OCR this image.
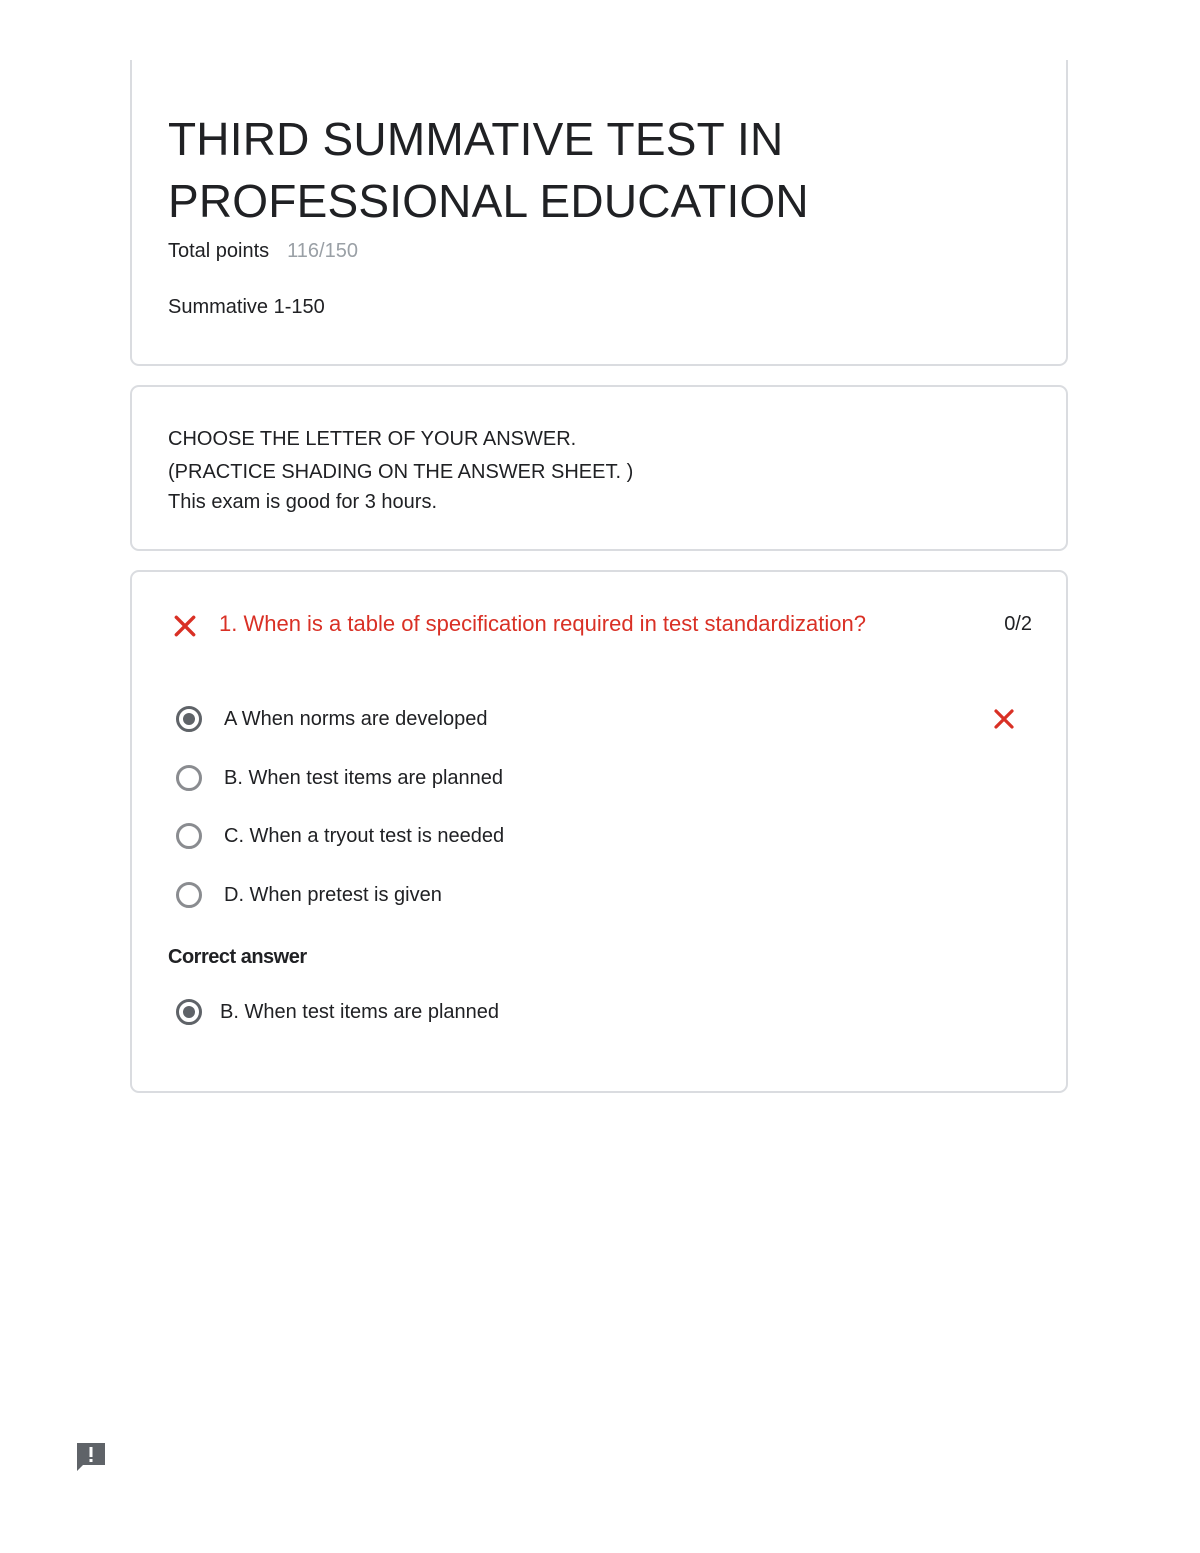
THIRD SUMMATIVE TEST IN PROFESSIONAL EDUCATION
Total points 116/150
Summative 1-150
CHOOSE THE LETTER OF YOUR ANSWER.
(PRACTICE SHADING ON THE ANSWER SHEET. )
This exam is good for 3 hours.
1. When is a table of specification required in test standardization?	0/2
A When norms are developed
B. When test items are planned
C. When a tryout test is needed
D. When pretest is given
Correct answer
B. When test items are planned
